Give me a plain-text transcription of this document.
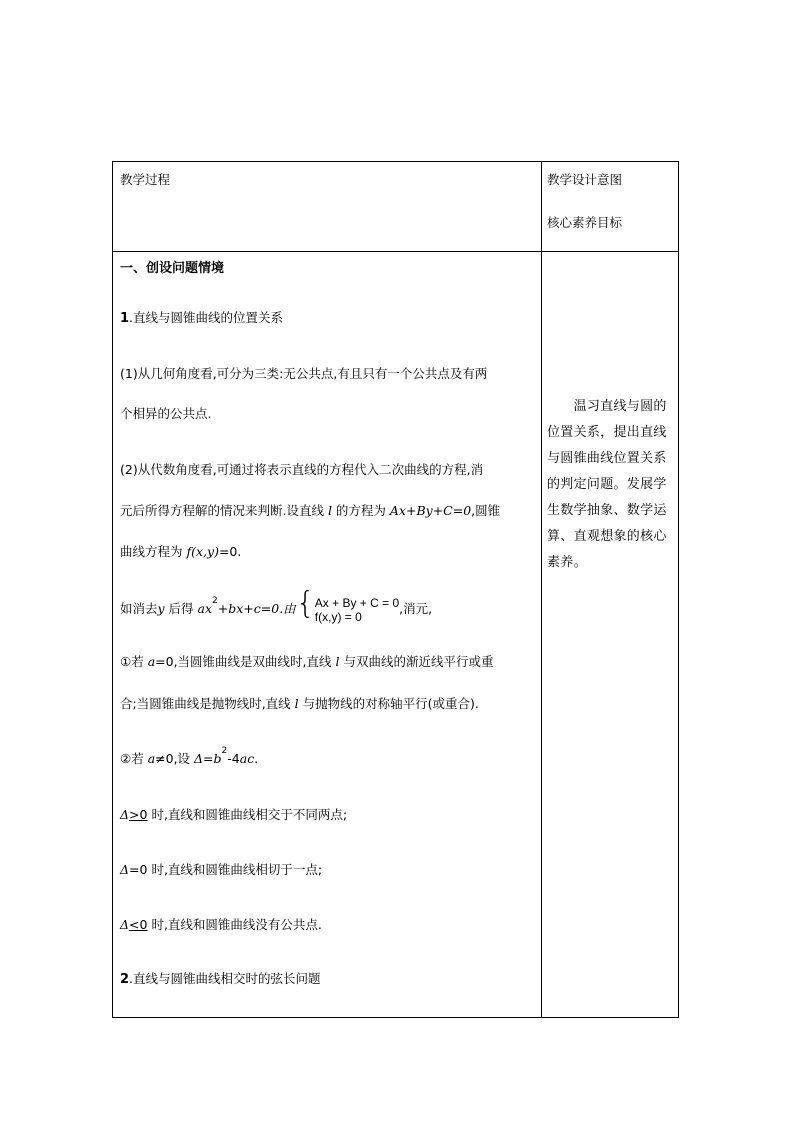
教学过程	教学设计意图
核心素养目标
一、创设问题情境
1.直线与圆锥曲线的位置关系
(1)从几何角度看,可分为三类:无公共点,有且只有一个公共点及有两
个相异的公共点.
(2)从代数角度看,可通过将表示直线的方程代入二次曲线的方程,消
元后所得方程解的情况来判断.设直线 l 的方程为 Ax+By+C=0,圆锥
曲线方程为 f(x,y)=0.
如消去y 后得 $ax^2+bx+c=0$.由{ Ax + By + C = 0
f(x,y) = 0
,消元,
①若 a=0,当圆锥曲线是双曲线时,直线 l 与双曲线的渐近线平行或重
合;当圆锥曲线是抛物线时,直线 l 与抛物线的对称轴平行(或重合).
②若 a≠0,设 $\Delta=b^2-4ac$.
Δ>0 时,直线和圆锥曲线相交于不同两点;
Δ=0 时,直线和圆锥曲线相切于一点;
Δ<0 时,直线和圆锥曲线没有公共点.
2.直线与圆锥曲线相交时的弦长问题
　　温习直线与圆的位置关系，提出直线与圆锥曲线位置关系的判定问题。发展学生数学抽象、数学运算、直观想象的核心素养。
